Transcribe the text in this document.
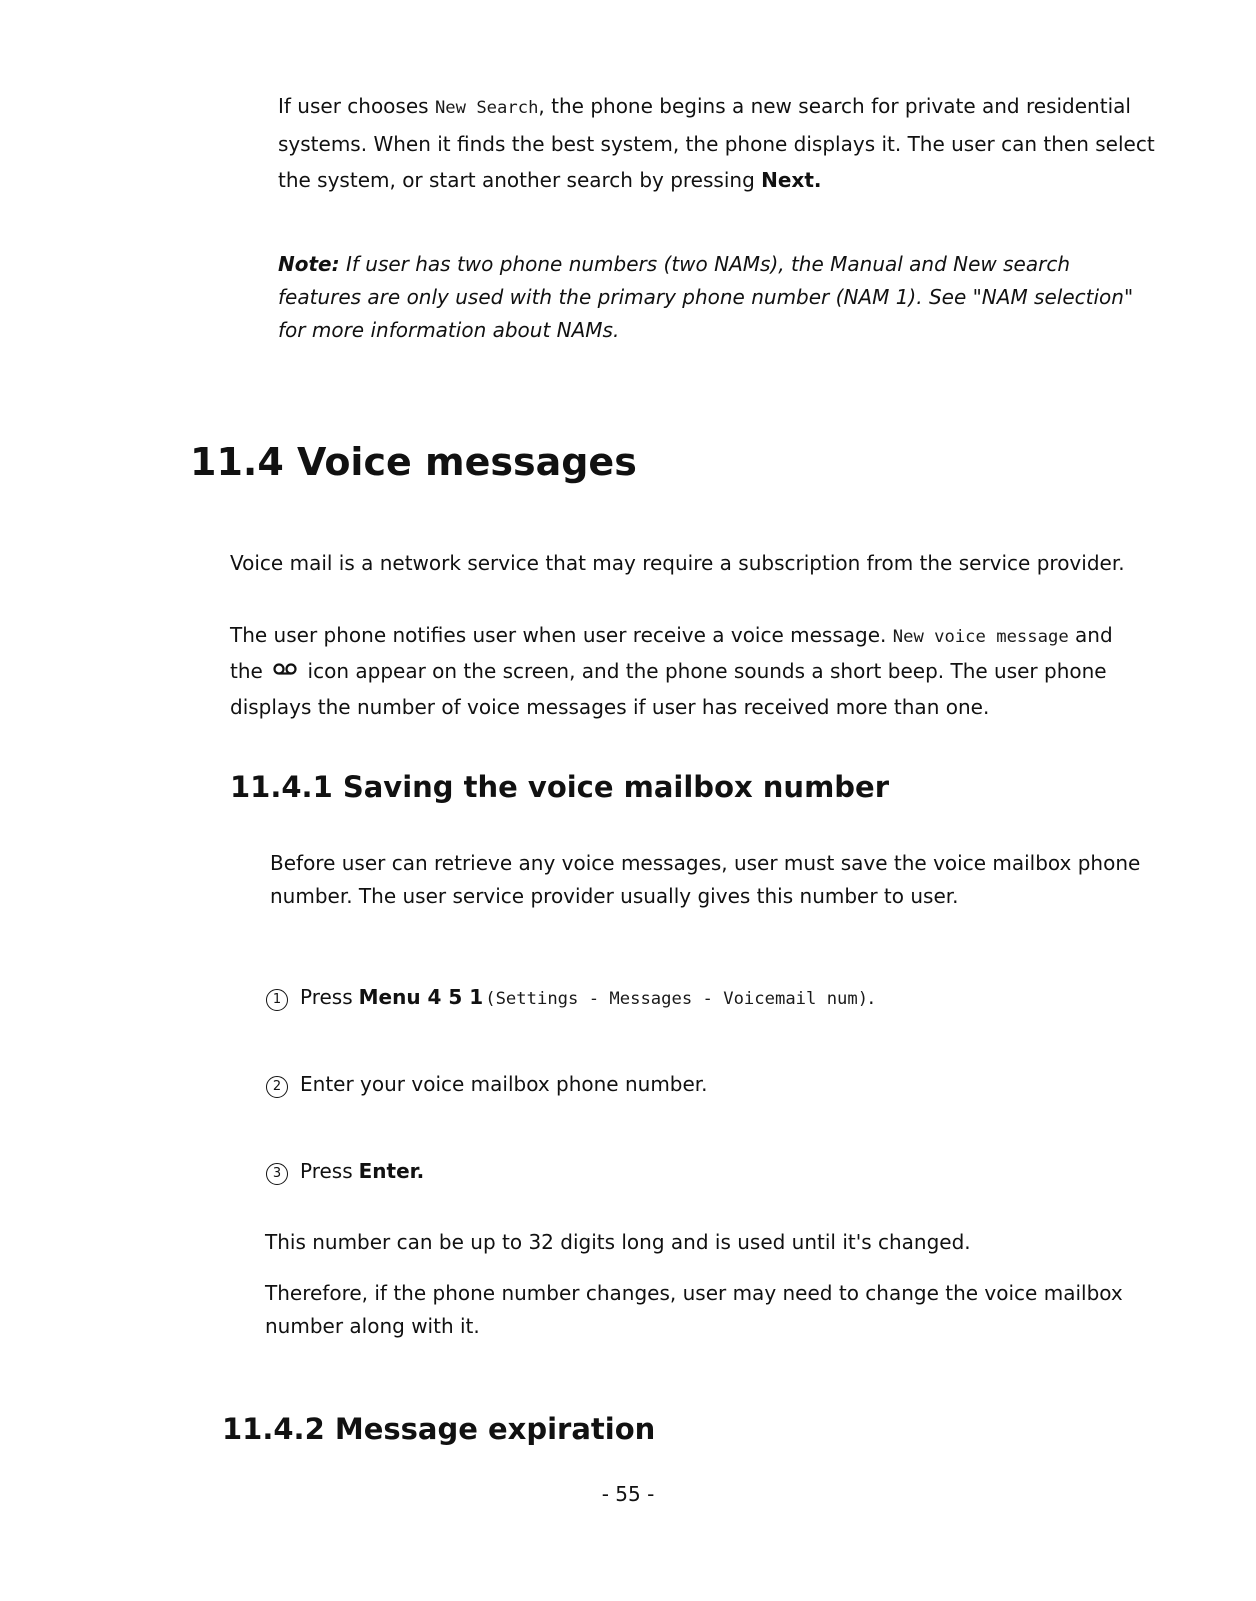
If user chooses New Search, the phone begins a new search for private and residential systems. When it finds the best system, the phone displays it. The user can then select the system, or start another search by pressing Next.

Note: If user has two phone numbers (two NAMs), the Manual and New search features are only used with the primary phone number (NAM 1). See "NAM selection" for more information about NAMs.

11.4 Voice messages

Voice mail is a network service that may require a subscription from the service provider.

The user phone notifies user when user receive a voice message. New voice message and the  icon appear on the screen, and the phone sounds a short beep. The user phone displays the number of voice messages if user has received more than one.

11.4.1 Saving the voice mailbox number

Before user can retrieve any voice messages, user must save the voice mailbox phone number. The user service provider usually gives this number to user.

1 Press Menu 4 5 1 (Settings - Messages - Voicemail num) .

2 Enter your voice mailbox phone number.

3 Press Enter.

This number can be up to 32 digits long and is used until it's changed.

Therefore, if the phone number changes, user may need to change the voice mailbox number along with it.

11.4.2 Message expiration
- 55 -
